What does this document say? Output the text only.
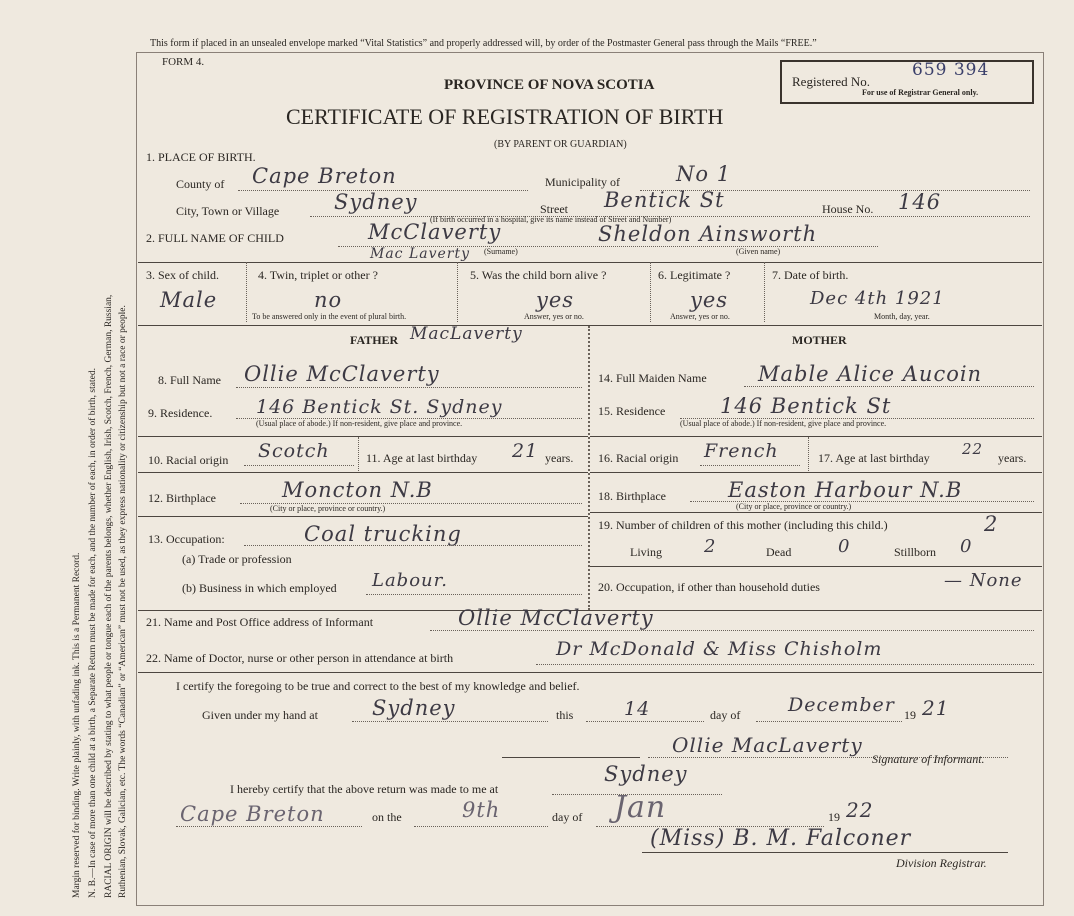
Margin reserved for binding. Write plainly, with unfading ink. This is a Permanent Record. N. B.—In case of more than one child at a birth, a Separate Return must be made for each, and the number of each, in order of birth, stated. RACIAL ORIGIN will be described by stating to what people or tongue each of the parents belongs, whether English, Irish, Scotch, French, German, Russian, Ruthenian, Slovak, Galician, etc. The words “Canadian” or “American” must not be used, as they express nationality or citizenship but not a race or people.
This form if placed in an unsealed envelope marked “Vital Statistics” and properly addressed will, by order of the Postmaster General pass through the Mails “FREE.”
FORM 4.
PROVINCE OF NOVA SCOTIA
CERTIFICATE OF REGISTRATION OF BIRTH
(BY PARENT OR GUARDIAN)
Registered No.
659 394
For use of Registrar General only.
1. PLACE OF BIRTH.
County of Cape Breton	Municipality of	No 1
City, Town or Village	Sydney	Street Bentick St	House No. 146
(If birth occurred in a hospital, give its name instead of Street and Number)
2. FULL NAME OF CHILD	McClaverty
Mac Laverty
Sheldon Ainsworth
(Surname)	(Given name)
3. Sex of child.
Male
4. Twin, triplet or other ?
no
To be answered only in the event of plural birth.
5. Was the child born alive ?
yes
Answer, yes or no.
6. Legitimate ?
yes
Answer, yes or no.
7. Date of birth.
Dec 4th 1921
Month, day, year.
FATHER MacLaverty	MOTHER
8. Full Name Ollie McClaverty	14. Full Maiden Name Mable Alice Aucoin
9. Residence. 146 Bentick St. Sydney
(Usual place of abode.) If non-resident, give place and province.
15. Residence	146 Bentick St
(Usual place of abode.) If non-resident, give place and province.
10. Racial origin Scotch	11. Age at last birthday 21 years. 16. Racial origin French	17. Age at last birthday 22 years.
12. Birthplace	Moncton N.B
(City or place, province or country.)
18. Birthplace	Easton Harbour N.B
(City or place, province or country.)
13. Occupation:	Coal trucking
(a) Trade or profession
(b) Business in which employed Labour.
19. Number of children of this mother (including this child.)	2
Living 2	Dead	0	Stillborn 0
20. Occupation, if other than household duties	— None
21. Name and Post Office address of Informant	Ollie McClaverty
22. Name of Doctor, nurse or other person in attendance at birth	Dr McDonald & Miss Chisholm
I certify the foregoing to be true and correct to the best of my knowledge and belief.
Given under my hand at	Sydney	this	14	day of	December 19 21
Ollie MacLaverty
Signature of Informant.
I hereby certify that the above return was made to me at
Sydney
Cape Breton	on the	9th	day of Jan	19 22
(Miss) B. M. Falconer
Division Registrar.
